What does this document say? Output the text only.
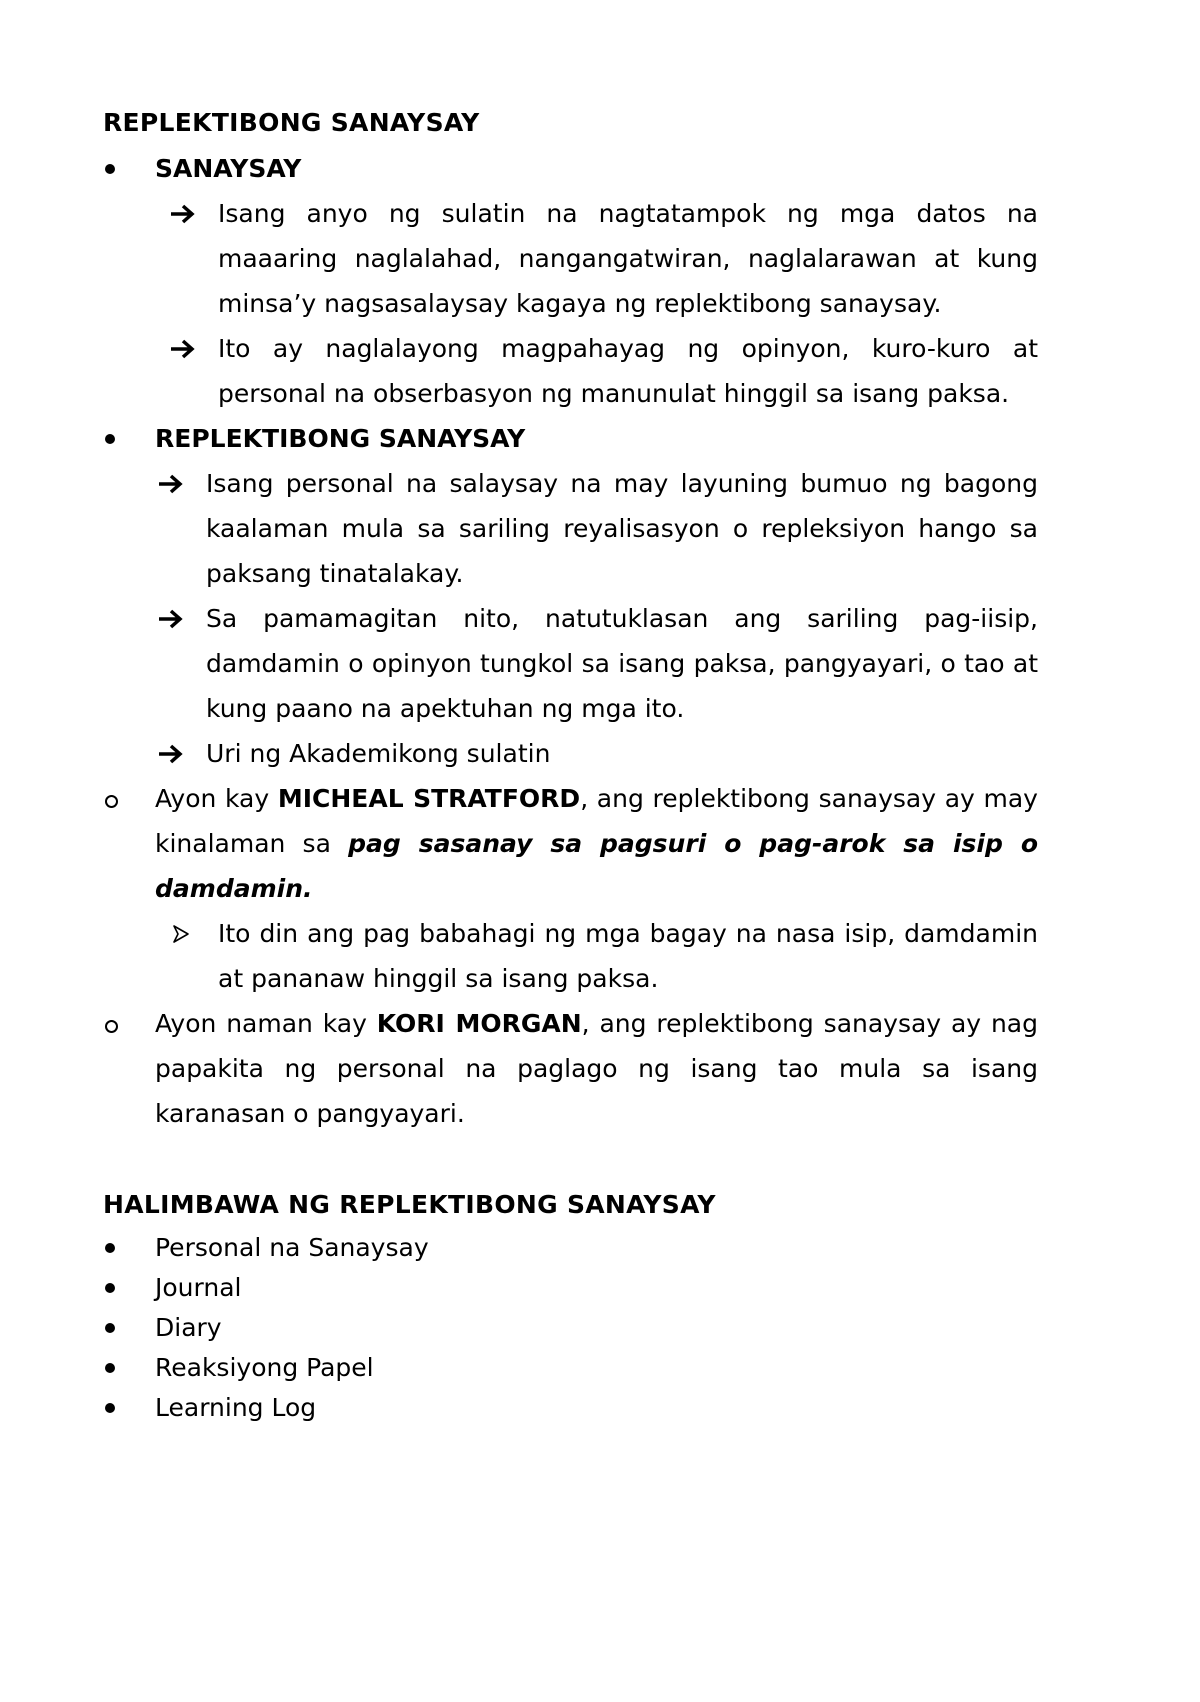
REPLEKTIBONG SANAYSAY
SANAYSAY
Isang anyo ng sulatin na nagtatampok ng mga datos na maaaring naglalahad, nangangatwiran, naglalarawan at kung minsa’y nagsasalaysay kagaya ng replektibong sanaysay.
Ito ay naglalayong magpahayag ng opinyon, kuro-kuro at personal na obserbasyon ng manunulat hinggil sa isang paksa.
REPLEKTIBONG SANAYSAY
Isang personal na salaysay na may layuning bumuo ng bagong kaalaman mula sa sariling reyalisasyon o repleksiyon hango sa paksang tinatalakay.
Sa pamamagitan nito, natutuklasan ang sariling pag-iisip, damdamin o opinyon tungkol sa isang paksa, pangyayari, o tao at kung paano na apektuhan ng mga ito.
Uri ng Akademikong sulatin
Ayon kay MICHEAL STRATFORD, ang replektibong sanaysay ay may kinalaman sa pag sasanay sa pagsuri o pag-arok sa isip o damdamin.
Ito din ang pag babahagi ng mga bagay na nasa isip, damdamin at pananaw hinggil sa isang paksa.
Ayon naman kay KORI MORGAN, ang replektibong sanaysay ay nag papakita ng personal na paglago ng isang tao mula sa isang karanasan o pangyayari.
HALIMBAWA NG REPLEKTIBONG SANAYSAY
Personal na Sanaysay
Journal
Diary
Reaksiyong Papel
Learning Log
